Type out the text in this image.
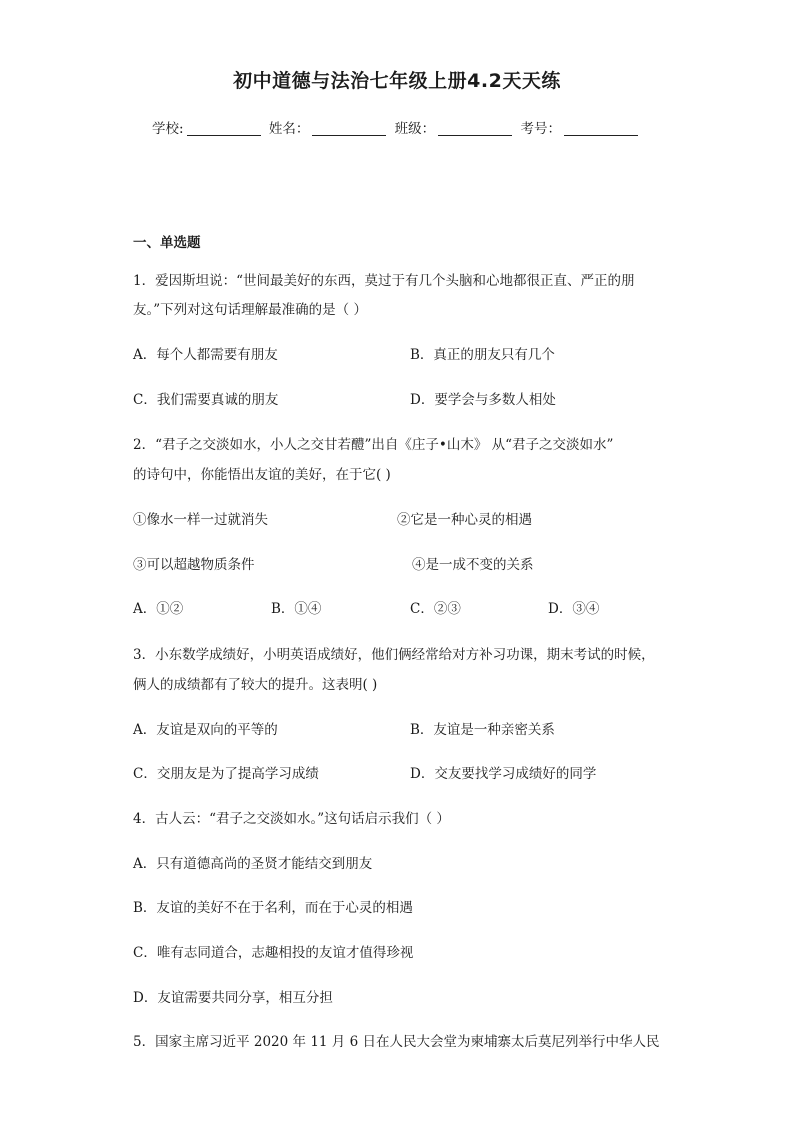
初中道德与法治七年级上册4.2天天练
学校:	姓名：	班级：	考号：
一、单选题
1．爱因斯坦说：“世间最美好的东西，莫过于有几个头脑和心地都很正直、严正的朋
友。”下列对这句话理解最准确的是（ ）
A．每个人都需要有朋友	B．真正的朋友只有几个
C．我们需要真诚的朋友	D．要学会与多数人相处
2．“君子之交淡如水，小人之交甘若醴”出自《庄子•山木》 从“君子之交淡如水”
的诗句中，你能悟出友谊的美好，在于它( )
①像水一样一过就消失	②它是一种心灵的相遇
③可以超越物质条件	④是一成不变的关系
A．①②	B．①④	C．②③	D．③④
3．小东数学成绩好，小明英语成绩好，他们俩经常给对方补习功课，期末考试的时候，
俩人的成绩都有了较大的提升。这表明( )
A．友谊是双向的平等的	B．友谊是一种亲密关系
C．交朋友是为了提高学习成绩	D．交友要找学习成绩好的同学
4．古人云：“君子之交淡如水。”这句话启示我们（ ）
A．只有道德高尚的圣贤才能结交到朋友
B．友谊的美好不在于名利，而在于心灵的相遇
C．唯有志同道合，志趣相投的友谊才值得珍视
D．友谊需要共同分享，相互分担
5．国家主席习近平 2020 年 11 月 6 日在人民大会堂为柬埔寨太后莫尼列举行中华人民
